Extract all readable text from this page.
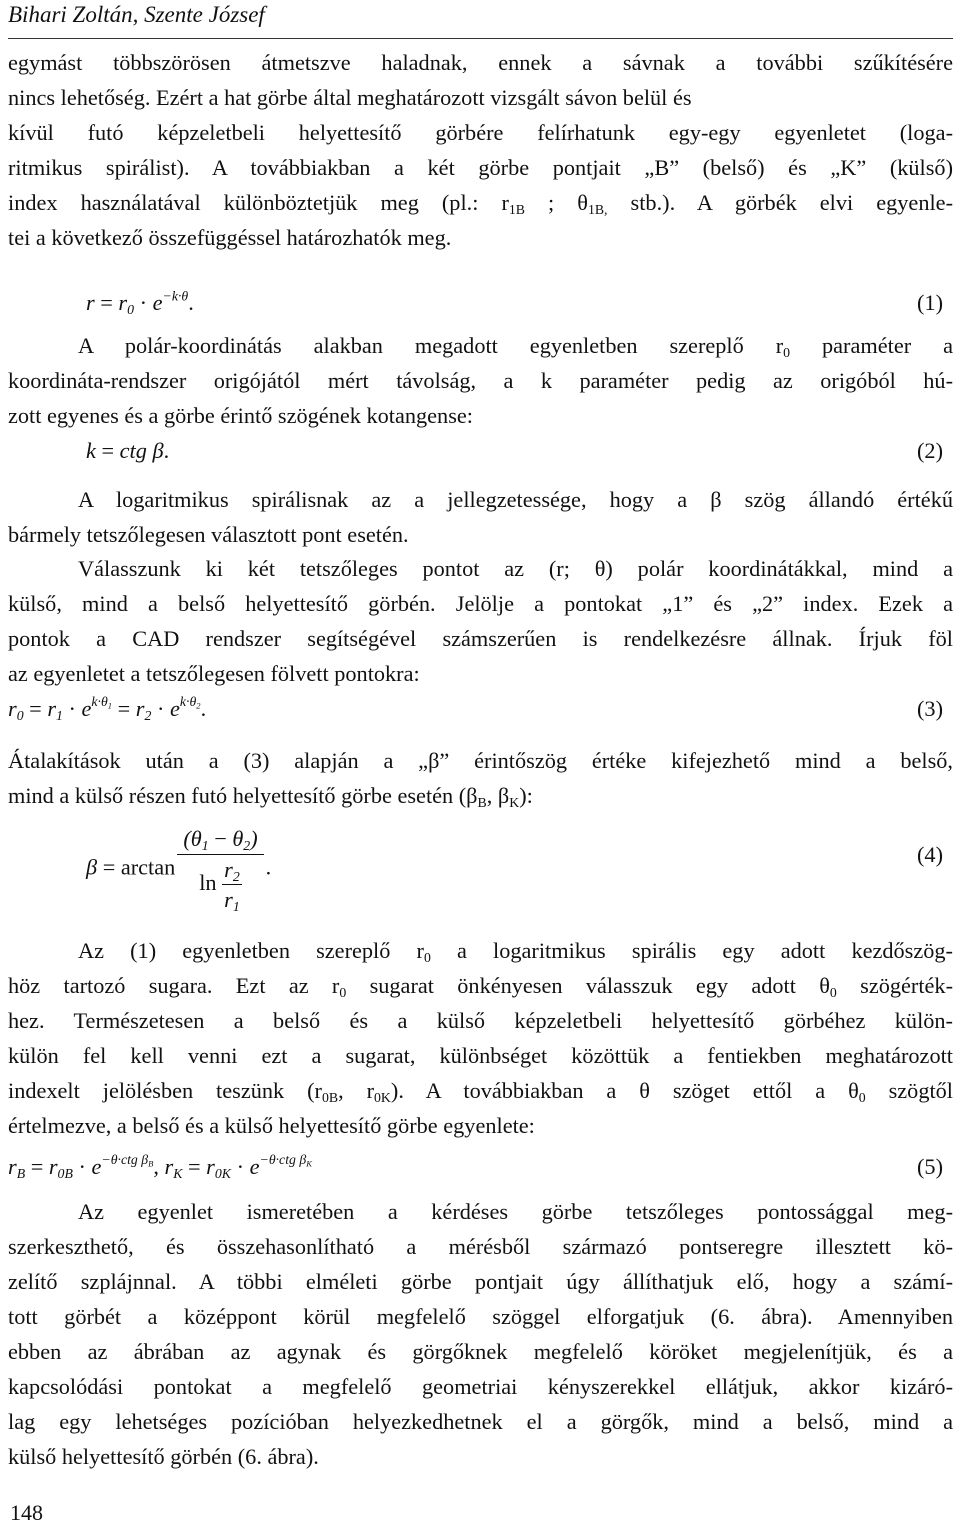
Bihari Zoltán, Szente József

egymást többszörösen átmetszve haladnak, ennek a sávnak a további szűkítésére
nincs lehetőség. Ezért a hat görbe által meghatározott vizsgált sávon belül és
kívül futó képzeletbeli helyettesítő görbére felírhatunk egy-egy egyenletet (loga-
ritmikus spirálist). A továbbiakban a két görbe pontjait „B” (belső) és „K” (külső)
index használatával különböztetjük meg (pl.: $r_{1B}$ ; $\theta_{1B,}$ stb.). A görbék elvi egyenle-
tei a következő összefüggéssel határozhatók meg.

$r = r_0 \cdot e^{-k\cdot\theta}$.	(1)

A polár-koordinátás alakban megadott egyenletben szereplő $r_0$ paraméter a
koordináta-rendszer origójától mért távolság, a k paraméter pedig az origóból hú-
zott egyenes és a görbe érintő szögének kotangense:

k = ctg β.	(2)

A logaritmikus spirálisnak az a jellegzetessége, hogy a β szög állandó értékű
bármely tetszőlegesen választott pont esetén.

Válasszunk ki két tetszőleges pontot az (r; θ) polár koordinátákkal, mind a
külső, mind a belső helyettesítő görbén. Jelölje a pontokat „1” és „2” index. Ezek a
pontok a CAD rendszer segítségével számszerűen is rendelkezésre állnak. Írjuk föl
az egyenletet a tetszőlegesen fölvett pontokra:

$r_0 = r_1 \cdot e^{k\cdot\theta_1} = r_2 \cdot e^{k\cdot\theta_2}$.	(3)

Átalakítások után a (3) alapján a „β” érintőszög értéke kifejezhető mind a belső,
mind a külső részen futó helyettesítő görbe esetén ($\beta_B$, $\beta_K$):

$\beta = \arctan \frac{(\theta_1 - \theta_2)}{\ln \frac{r_2}{r_1}}$ .
(4)

Az (1) egyenletben szereplő $r_0$ a logaritmikus spirális egy adott kezdőszög-
höz tartozó sugara. Ezt az $r_0$ sugarat önkényesen válasszuk egy adott $\theta_0$ szögérték-
hez. Természetesen a belső és a külső képzeletbeli helyettesítő görbéhez külön-
külön fel kell venni ezt a sugarat, különbséget közöttük a fentiekben meghatározott
indexelt jelölésben teszünk ($r_{0B}$, $r_{0K}$). A továbbiakban a θ szöget ettől a $\theta_0$ szögtől
értelmezve, a belső és a külső helyettesítő görbe egyenlete:

$r_B = r_{0B} \cdot e^{-\theta\cdot ctg \beta_B}$, $r_K = r_{0K} \cdot e^{-\theta\cdot ctg \beta_K}$	(5)

Az egyenlet ismeretében a kérdéses görbe tetszőleges pontossággal meg-
szerkeszthető, és összehasonlítható a mérésből származó pontseregre illesztett kö-
zelítő szplájnnal. A többi elméleti görbe pontjait úgy állíthatjuk elő, hogy a számí-
tott görbét a középpont körül megfelelő szöggel elforgatjuk (6. ábra). Amennyiben
ebben az ábrában az agynak és görgőknek megfelelő köröket megjelenítjük, és a
kapcsolódási pontokat a megfelelő geometriai kényszerekkel ellátjuk, akkor kizáró-
lag egy lehetséges pozícióban helyezkedhetnek el a görgők, mind a belső, mind a
külső helyettesítő görbén (6. ábra).

148
